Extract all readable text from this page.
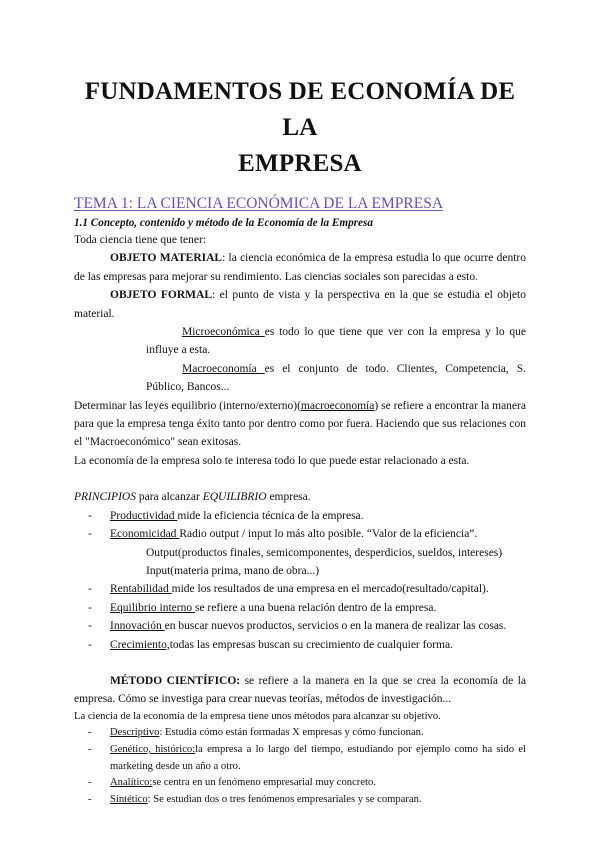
FUNDAMENTOS DE ECONOMÍA DE LA
EMPRESA
TEMA 1: LA CIENCIA ECONÓMICA DE LA EMPRESA
1.1 Concepto, contenido y método de la Economía de la Empresa

Toda ciencia tiene que tener:

OBJETO MATERIAL: la ciencia económica de la empresa estudia lo que ocurre dentro de las empresas para mejorar su rendimiento. Las ciencias sociales son parecidas a esto.

OBJETO FORMAL: el punto de vista y la perspectiva en la que se estudia el objeto material.

Microeconómica es todo lo que tiene que ver con la empresa y lo que influye a esta.

Macroeconomía es el conjunto de todo. Clientes, Competencia, S. Público, Bancos...

Determinar las leyes equilibrio (interno/externo)(macroeconomía) se refiere a encontrar la manera para que la empresa tenga éxito tanto por dentro como por fuera. Haciendo que sus relaciones con el "Macroeconómico" sean exitosas.

La economía de la empresa solo te interesa todo lo que puede estar relacionado a esta.

PRINCIPIOS para alcanzar EQUILIBRIO empresa.

- Productividad mide la eficiencia técnica de la empresa.
- Economicidad Radio output / input lo más alto posible. “Valor de la eficiencia”.

Output(productos finales, semicomponentes, desperdicios, sueldos, intereses)

Input(materia prima, mano de obra...)

- Rentabilidad mide los resultados de una empresa en el mercado(resultado/capital).
- Equilibrio interno se refiere a una buena relación dentro de la empresa.
- Innovación en buscar nuevos productos, servicios o en la manera de realizar las cosas.
- Crecimiento,todas las empresas buscan su crecimiento de cualquier forma.

MÉTODO CIENTÍFICO: se refiere a la manera en la que se crea la economía de la empresa. Cómo se investiga para crear nuevas teorías, métodos de investigación...

La ciencia de la economía de la empresa tiene unos métodos para alcanzar su objetivo.

- Descriptivo: Estudia cómo están formadas X empresas y cómo funcionan.
- Genético, histórico:la empresa a lo largo del tiempo, estudiando por ejemplo como ha sido el marketing desde un año a otro.
- Analítico:se centra en un fenómeno empresarial muy concreto.
- Sintético: Se estudian dos o tres fenómenos empresariales y se comparan.
